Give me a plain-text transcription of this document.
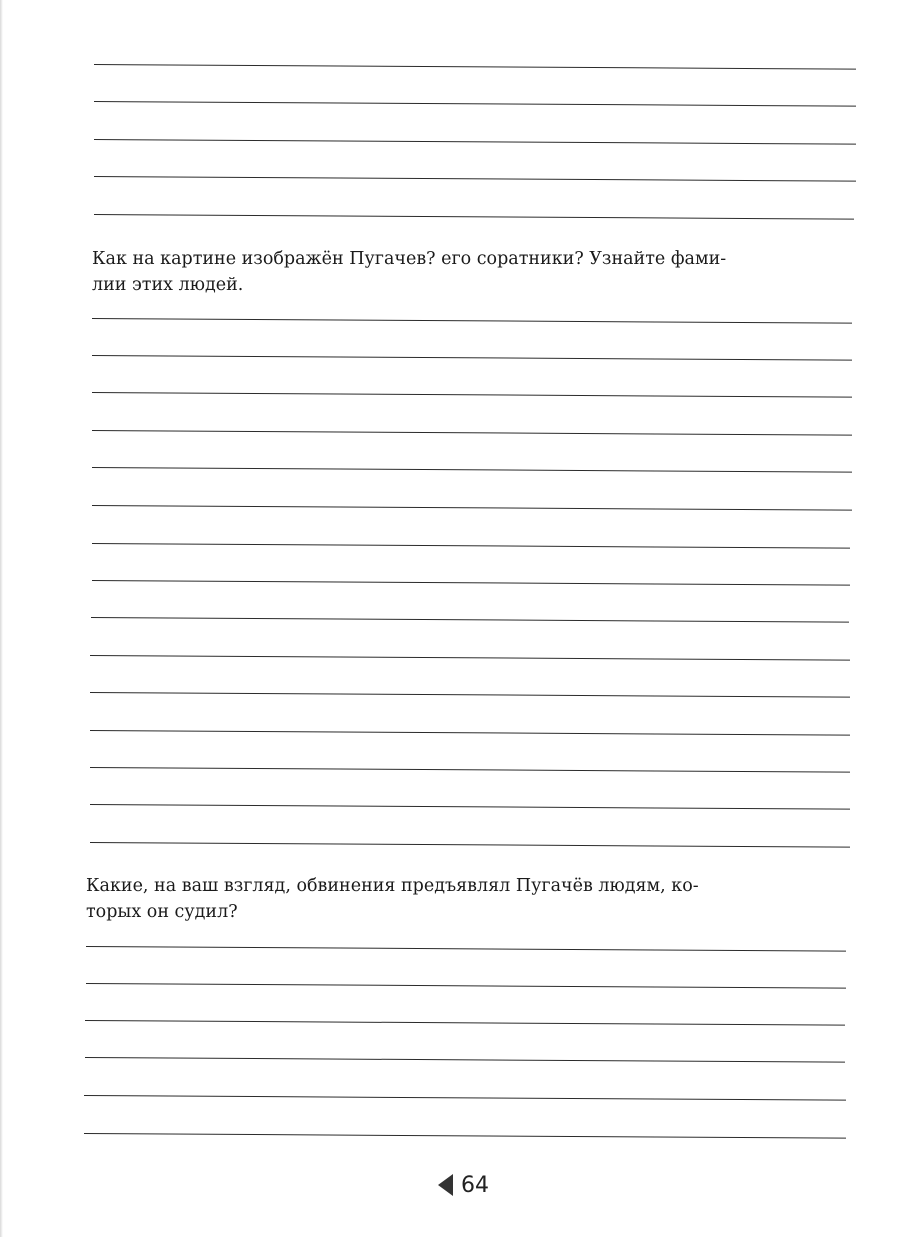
Как на картине изображён Пугачев? его соратники? Узнайте фами-
лии этих людей.

Какие, на ваш взгляд, обвинения предъявлял Пугачёв людям, ко-
торых он судил?

64
